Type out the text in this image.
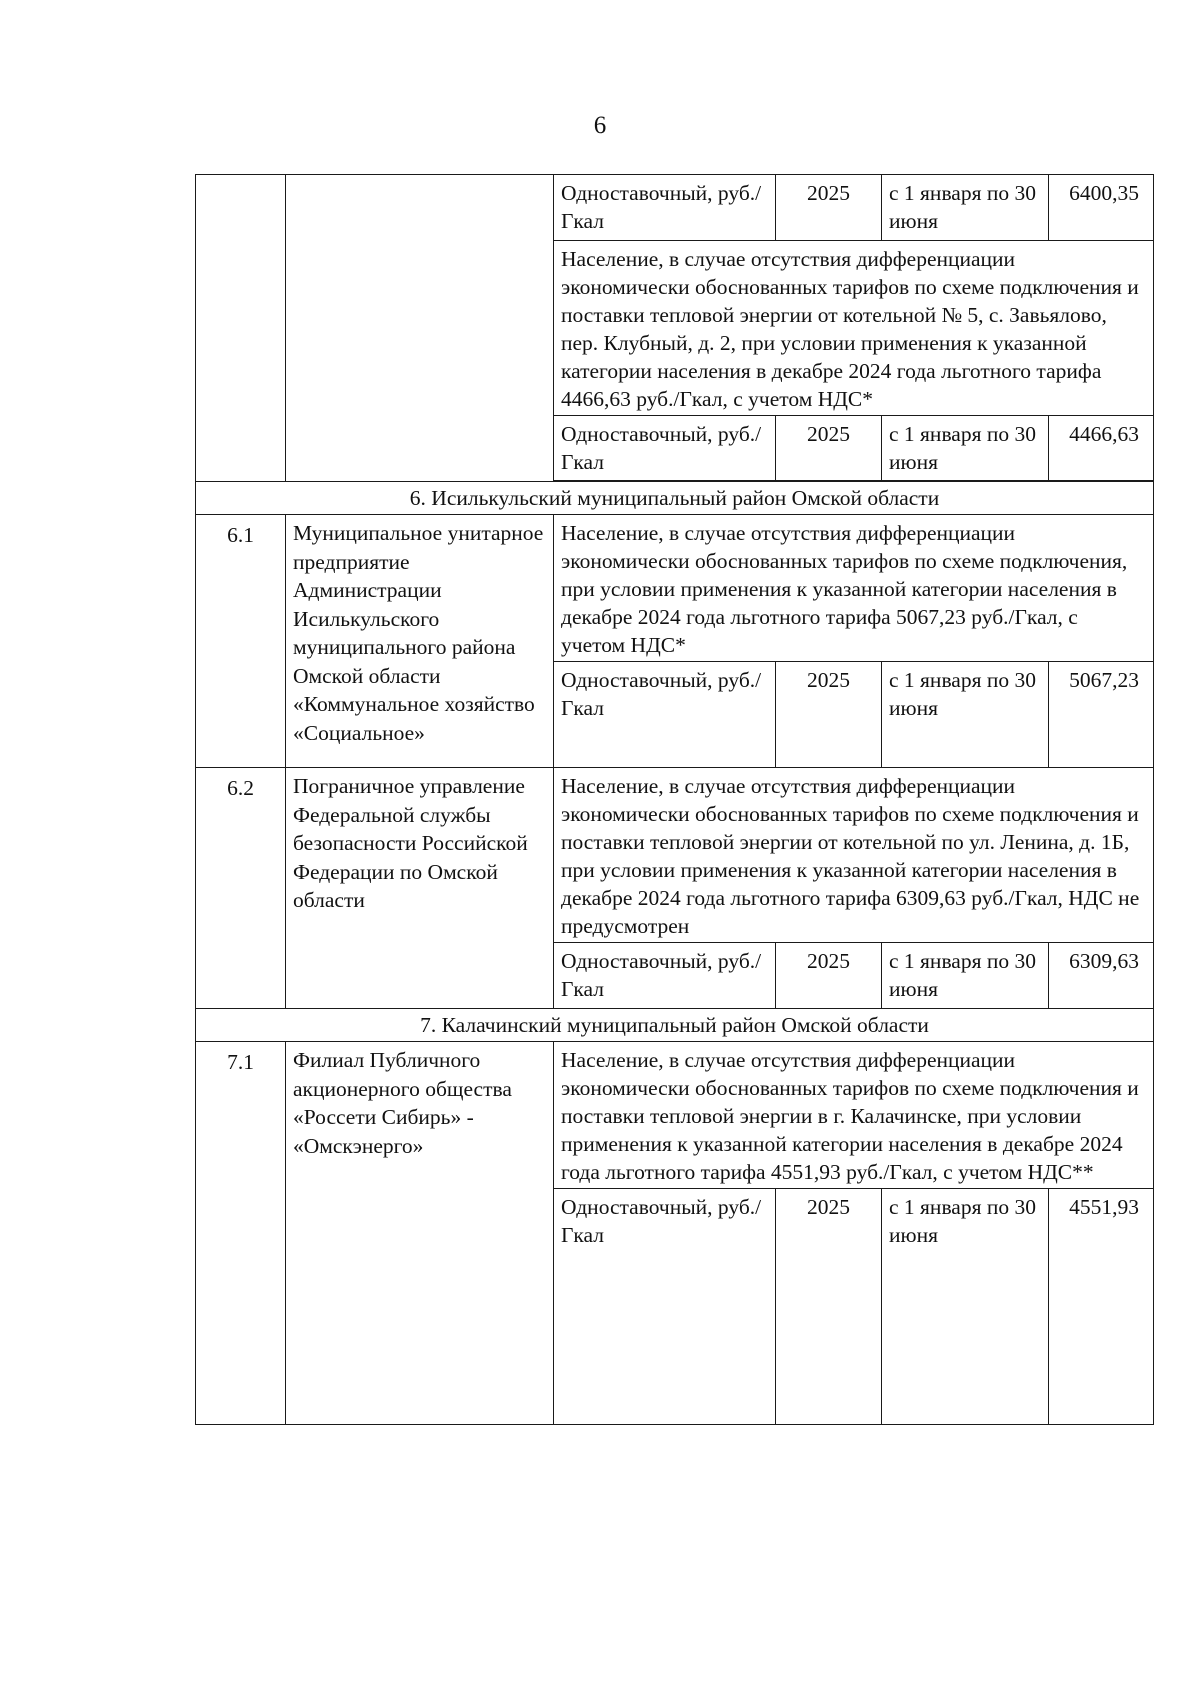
6
		Одноставочный, руб./Гкал	2025	с 1 января по 30 июня	6400,35
		Население, в случае отсутствия дифференциации экономически обоснованных тарифов по схеме подключения и поставки тепловой энергии от котельной № 5, с. Завьялово, пер. Клубный, д. 2, при условии применения к указанной категории населения в декабре 2024 года льготного тарифа 4466,63 руб./Гкал, с учетом НДС*			
		Одноставочный, руб./Гкал	2025	с 1 января по 30 июня	4466,63

6. Исилькульский муниципальный район Омской области					
6.1	Муниципальное унитарное предприятие Администрации Исилькульского муниципального района Омской области «Коммунальное хозяйство «Социальное»	Население, в случае отсутствия дифференциации экономически обоснованных тарифов по схеме подключения, при условии применения к указанной категории населения в декабре 2024 года льготного тарифа 5067,23 руб./Гкал, с учетом НДС*			
		Одноставочный, руб./Гкал	2025	с 1 января по 30 июня	5067,23
6.2	Пограничное управление Федеральной службы безопасности Российской Федерации по Омской области	Население, в случае отсутствия дифференциации экономически обоснованных тарифов по схеме подключения и поставки тепловой энергии от котельной по ул. Ленина, д. 1Б, при условии применения к указанной категории населения в декабре 2024 года льготного тарифа 6309,63 руб./Гкал, НДС не предусмотрен			
		Одноставочный, руб./Гкал	2025	с 1 января по 30 июня	6309,63
7. Калачинский муниципальный район Омской области					
7.1	Филиал Публичного акционерного общества «Россети Сибирь» - «Омскэнерго»	Население, в случае отсутствия дифференциации экономически обоснованных тарифов по схеме подключения и поставки тепловой энергии в г. Калачинске, при условии применения к указанной категории населения в декабре 2024 года льготного тарифа 4551,93 руб./Гкал, с учетом НДС**			
		Одноставочный, руб./Гкал	2025	с 1 января по 30 июня	4551,93
